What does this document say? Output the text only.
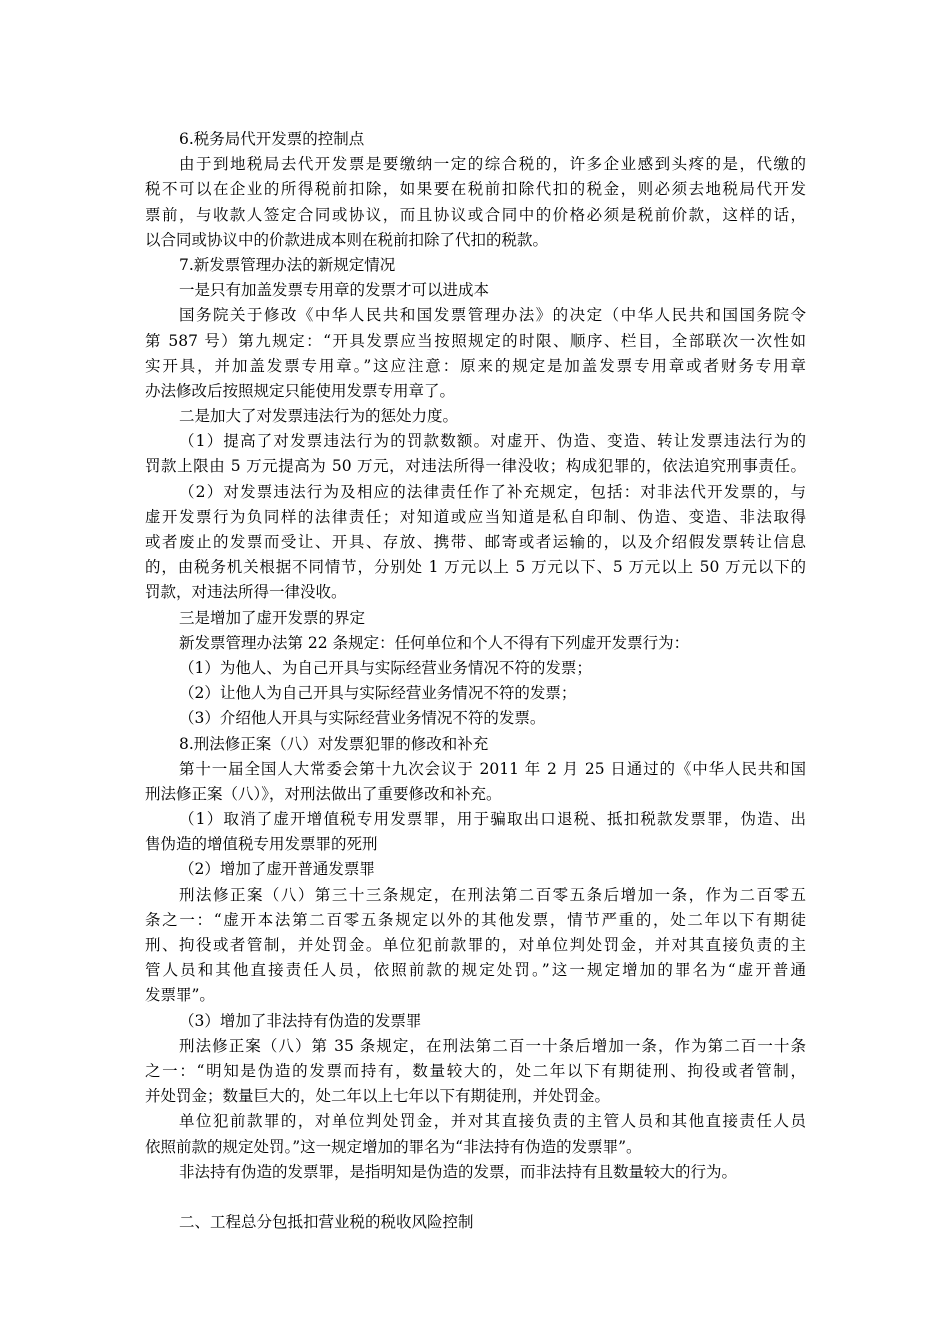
6.税务局代开发票的控制点
由于到地税局去代开发票是要缴纳一定的综合税的，许多企业感到头疼的是，代缴的
税不可以在企业的所得税前扣除，如果要在税前扣除代扣的税金，则必须去地税局代开发
票前，与收款人签定合同或协议，而且协议或合同中的价格必须是税前价款，这样的话，
以合同或协议中的价款进成本则在税前扣除了代扣的税款。
7.新发票管理办法的新规定情况
一是只有加盖发票专用章的发票才可以进成本
国务院关于修改《中华人民共和国发票管理办法》的决定（中华人民共和国国务院令
第 587 号）第九规定：“开具发票应当按照规定的时限、顺序、栏目，全部联次一次性如
实开具，并加盖发票专用章。”这应注意：原来的规定是加盖发票专用章或者财务专用章
办法修改后按照规定只能使用发票专用章了。
二是加大了对发票违法行为的惩处力度。
（1）提高了对发票违法行为的罚款数额。对虚开、伪造、变造、转让发票违法行为的
罚款上限由 5 万元提高为 50 万元，对违法所得一律没收；构成犯罪的，依法追究刑事责任。
（2）对发票违法行为及相应的法律责任作了补充规定，包括：对非法代开发票的，与
虚开发票行为负同样的法律责任；对知道或应当知道是私自印制、伪造、变造、非法取得
或者废止的发票而受让、开具、存放、携带、邮寄或者运输的，以及介绍假发票转让信息
的，由税务机关根据不同情节，分别处 1 万元以上 5 万元以下、5 万元以上 50 万元以下的
罚款，对违法所得一律没收。
三是增加了虚开发票的界定
新发票管理办法第 22 条规定：任何单位和个人不得有下列虚开发票行为：
（1）为他人、为自己开具与实际经营业务情况不符的发票；
（2）让他人为自己开具与实际经营业务情况不符的发票；
（3）介绍他人开具与实际经营业务情况不符的发票。
8.刑法修正案（八）对发票犯罪的修改和补充
第十一届全国人大常委会第十九次会议于 2011 年 2 月 25 日通过的《中华人民共和国
刑法修正案（八）》，对刑法做出了重要修改和补充。
（1）取消了虚开增值税专用发票罪，用于骗取出口退税、抵扣税款发票罪，伪造、出
售伪造的增值税专用发票罪的死刑
（2）增加了虚开普通发票罪
刑法修正案（八）第三十三条规定，在刑法第二百零五条后增加一条，作为二百零五
条之一：“虚开本法第二百零五条规定以外的其他发票，情节严重的，处二年以下有期徒
刑、拘役或者管制，并处罚金。单位犯前款罪的，对单位判处罚金，并对其直接负责的主
管人员和其他直接责任人员，依照前款的规定处罚。”这一规定增加的罪名为“虚开普通
发票罪”。
（3）增加了非法持有伪造的发票罪
刑法修正案（八）第 35 条规定，在刑法第二百一十条后增加一条，作为第二百一十条
之一：“明知是伪造的发票而持有，数量较大的，处二年以下有期徒刑、拘役或者管制，
并处罚金；数量巨大的，处二年以上七年以下有期徒刑，并处罚金。
单位犯前款罪的，对单位判处罚金，并对其直接负责的主管人员和其他直接责任人员
依照前款的规定处罚。”这一规定增加的罪名为“非法持有伪造的发票罪”。
非法持有伪造的发票罪，是指明知是伪造的发票，而非法持有且数量较大的行为。
二、工程总分包抵扣营业税的税收风险控制
